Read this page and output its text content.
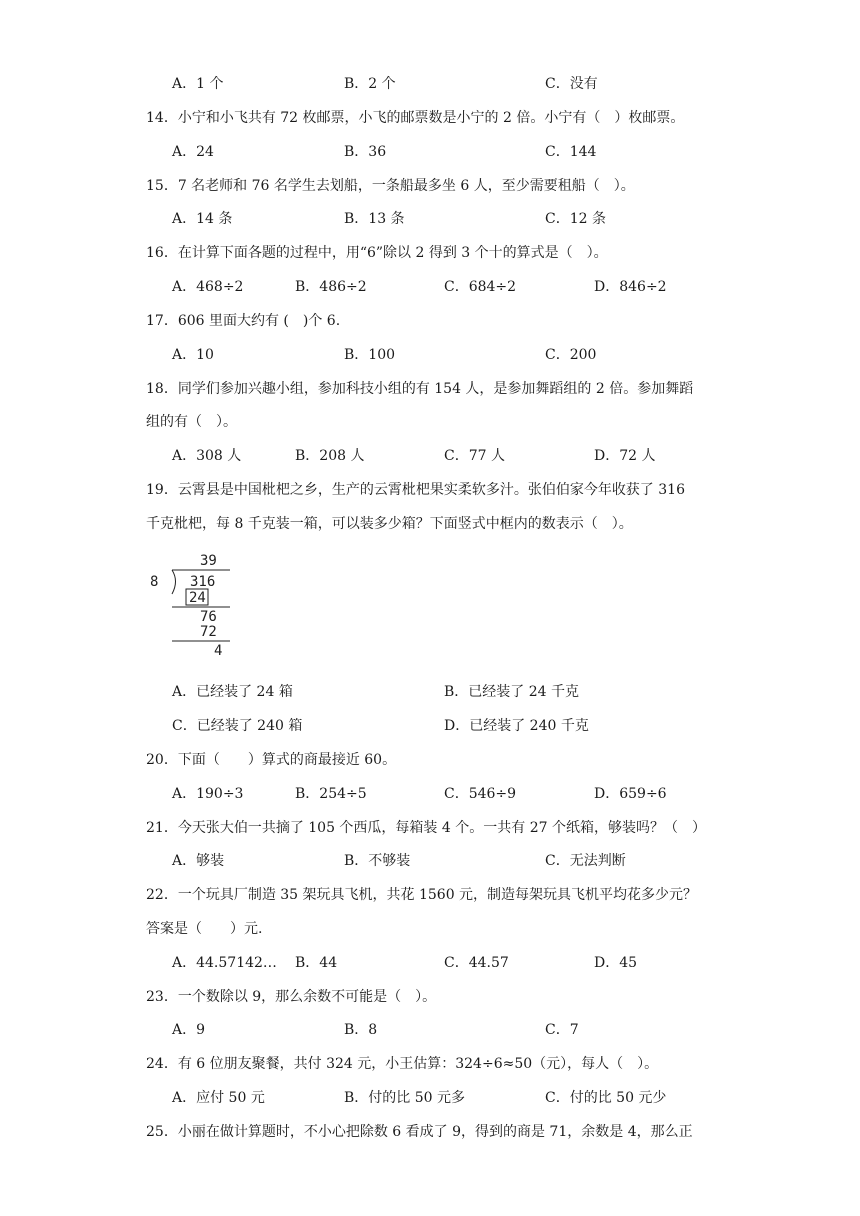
A．1 个	B．2 个	C．没有
14．小宁和小飞共有 72 枚邮票，小飞的邮票数是小宁的 2 倍。小宁有（　）枚邮票。
A．24	B．36	C．144
15．7 名老师和 76 名学生去划船，一条船最多坐 6 人，至少需要租船（　）。
A．14 条	B．13 条	C．12 条
16．在计算下面各题的过程中，用“6”除以 2 得到 3 个十的算式是（　）。
A．468÷2	B．486÷2	C．684÷2	D．846÷2
17．606 里面大约有 (　)个 6.
A．10	B．100	C．200
18．同学们参加兴趣小组，参加科技小组的有 154 人，是参加舞蹈组的 2 倍。参加舞蹈
组的有（　）。
A．308 人	B．208 人	C．77 人	D．72 人
19．云霄县是中国枇杷之乡，生产的云霄枇杷果实柔软多汁。张伯伯家今年收获了 316
千克枇杷，每 8 千克装一箱，可以装多少箱？下面竖式中框内的数表示（　）。
39
8 316
24
76
72
4
A．已经装了 24 箱	B．已经装了 24 千克
C．已经装了 240 箱	D．已经装了 240 千克
20．下面（　　）算式的商最接近 60。
A．190÷3	B．254÷5	C．546÷9	D．659÷6
21．今天张大伯一共摘了 105 个西瓜，每箱装 4 个。一共有 27 个纸箱，够装吗？（　）
A．够装	B．不够装	C．无法判断
22．一个玩具厂制造 35 架玩具飞机，共花 1560 元，制造每架玩具飞机平均花多少元？
答案是（　　）元.
A．44.57142… B．44	C．44.57	D．45
23．一个数除以 9，那么余数不可能是（　）。
A．9	B．8	C．7
24．有 6 位朋友聚餐，共付 324 元，小王估算：324÷6≈50（元），每人（　）。
A．应付 50 元	B．付的比 50 元多	C．付的比 50 元少
25．小丽在做计算题时，不小心把除数 6 看成了 9，得到的商是 71，余数是 4，那么正
